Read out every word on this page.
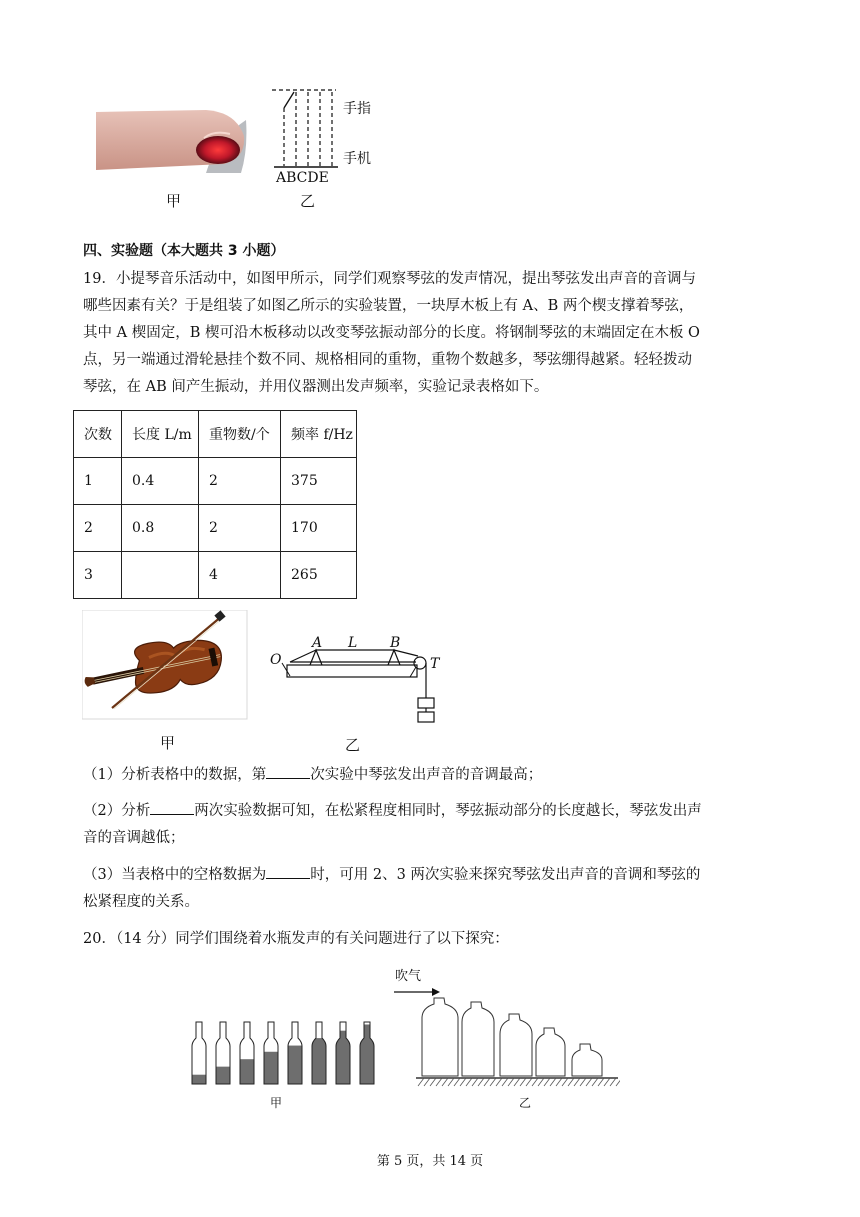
甲
手指
手机
ABCDE
乙
四、实验题（本大题共 3 小题）

19．小提琴音乐活动中，如图甲所示，同学们观察琴弦的发声情况，提出琴弦发出声音的音调与

哪些因素有关？于是组装了如图乙所示的实验装置，一块厚木板上有 A、B 两个楔支撑着琴弦，

其中 A 楔固定，B 楔可沿木板移动以改变琴弦振动部分的长度。将钢制琴弦的末端固定在木板 O

点，另一端通过滑轮悬挂个数不同、规格相同的重物，重物个数越多，琴弦绷得越紧。轻轻拨动

琴弦，在 AB 间产生振动，并用仪器测出发声频率，实验记录表格如下。

次数	长度 L/m	重物数/个	频率 f/Hz
1	0.4	2	375
2	0.8	2	170
3		4	265
甲
O
A L B
T
乙

（1）分析表格中的数据，第	次实验中琴弦发出声音的音调最高；

（2）分析	两次实验数据可知，在松紧程度相同时，琴弦振动部分的长度越长，琴弦发出声

音的音调越低；

（3）当表格中的空格数据为	时，可用 2、3 两次实验来探究琴弦发出声音的音调和琴弦的

松紧程度的关系。

20．（14 分）同学们围绕着水瓶发声的有关问题进行了以下探究：
甲
吹气
乙
第 5 页，共 14 页
